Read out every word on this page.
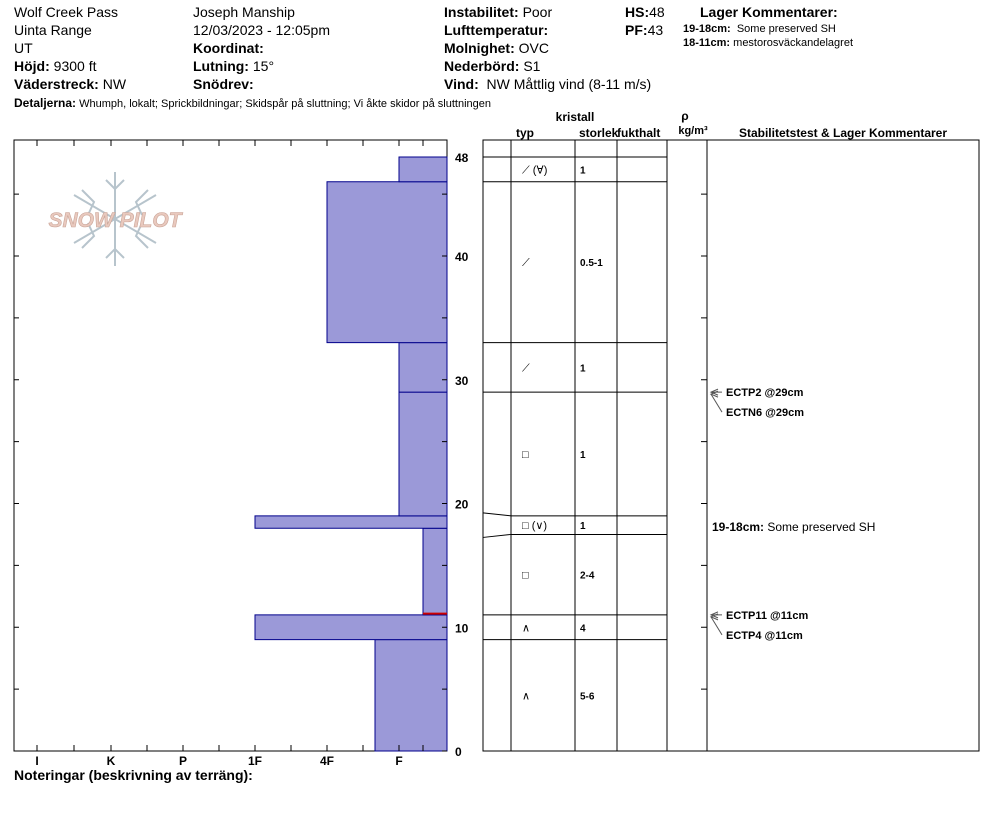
Wolf Creek Pass
Uinta Range
UT
Höjd: 9300 ft
Väderstreck: NW
Joseph Manship
12/03/2023 - 12:05pm
Koordinat:
Lutning: 15°
Snödrev:
Instabilitet: Poor
Lufttemperatur:
Molnighet: OVC
Nederbörd: S1
Vind: NW Måttlig vind (8-11 m/s)
HS:48
PF:43
Lager Kommentarer:
19-18cm: Some preserved SH
18-11cm: mestorosväckandelagret
Detaljerna: Whumph, lokalt; Sprickbildningar; Skidspår på sluttning; Vi åkte skidor på sluttningen
Noteringar (beskrivning av terräng):
SNOW PILOT
0
10
20
30
40
48
I	K	P	1F	4F	F
⟋ (∀)	1
⟋	0.5-1
⟋	1
□	1
□ (∨)	1
□	2-4
∧	4
∧	5-6
ECTP2 @29cm
ECTN6 @29cm
ECTP11 @11cm
ECTP4 @11cm
19-18cm: Some preserved SH
kristall
typ	storlek
fukthalt
ρ
kg/m³	Stabilitetstest & Lager Kommentarer
